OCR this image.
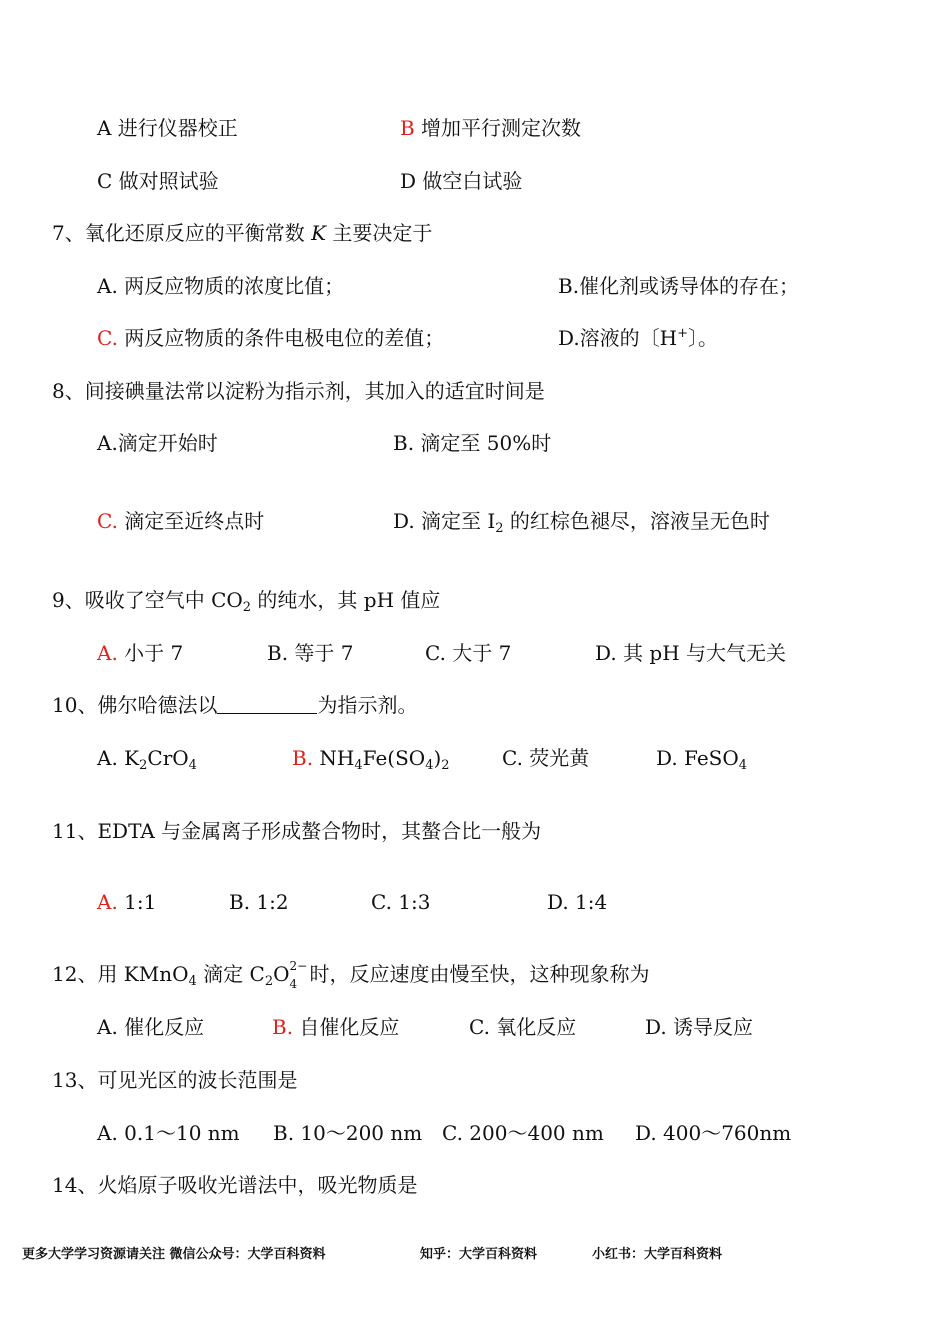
A 进行仪器校正	B 增加平行测定次数
C 做对照试验	D 做空白试验
7、氧化还原反应的平衡常数 K 主要决定于
A. 两反应物质的浓度比值；	B.催化剂或诱导体的存在；
C. 两反应物质的条件电极电位的差值；	D.溶液的〔H+〕。
8、间接碘量法常以淀粉为指示剂，其加入的适宜时间是
A.滴定开始时	B. 滴定至 50%时
C. 滴定至近终点时	D. 滴定至 $I_2$ 的红棕色褪尽，溶液呈无色时
9、吸收了空气中 $CO_2$ 的纯水，其 pH 值应
A. 小于 7	B. 等于 7	C. 大于 7	D. 其 pH 与大气无关
10、佛尔哈德法以	为指示剂。
A. $K_2CrO_4$	B. $NH_4Fe(SO_4)_2$	C. 荧光黄	D. FeSO$_4$
11、EDTA 与金属离子形成螯合物时，其螯合比一般为
A. 1:1	B. 1:2	C. 1:3	D. 1:4
12、用 KMnO$_4$ 滴定 $C_2O$ 2−
4 时，反应速度由慢至快，这种现象称为
A. 催化反应	B. 自催化反应	C. 氧化反应	D. 诱导反应
13、可见光区的波长范围是
A. 0.1～10 nm B. 10～200 nm C. 200～400 nm D. 400～760nm
14、火焰原子吸收光谱法中，吸光物质是
更多大学学习资源请关注 微信公众号：大学百科资料	知乎：大学百科资料	小红书：大学百科资料
